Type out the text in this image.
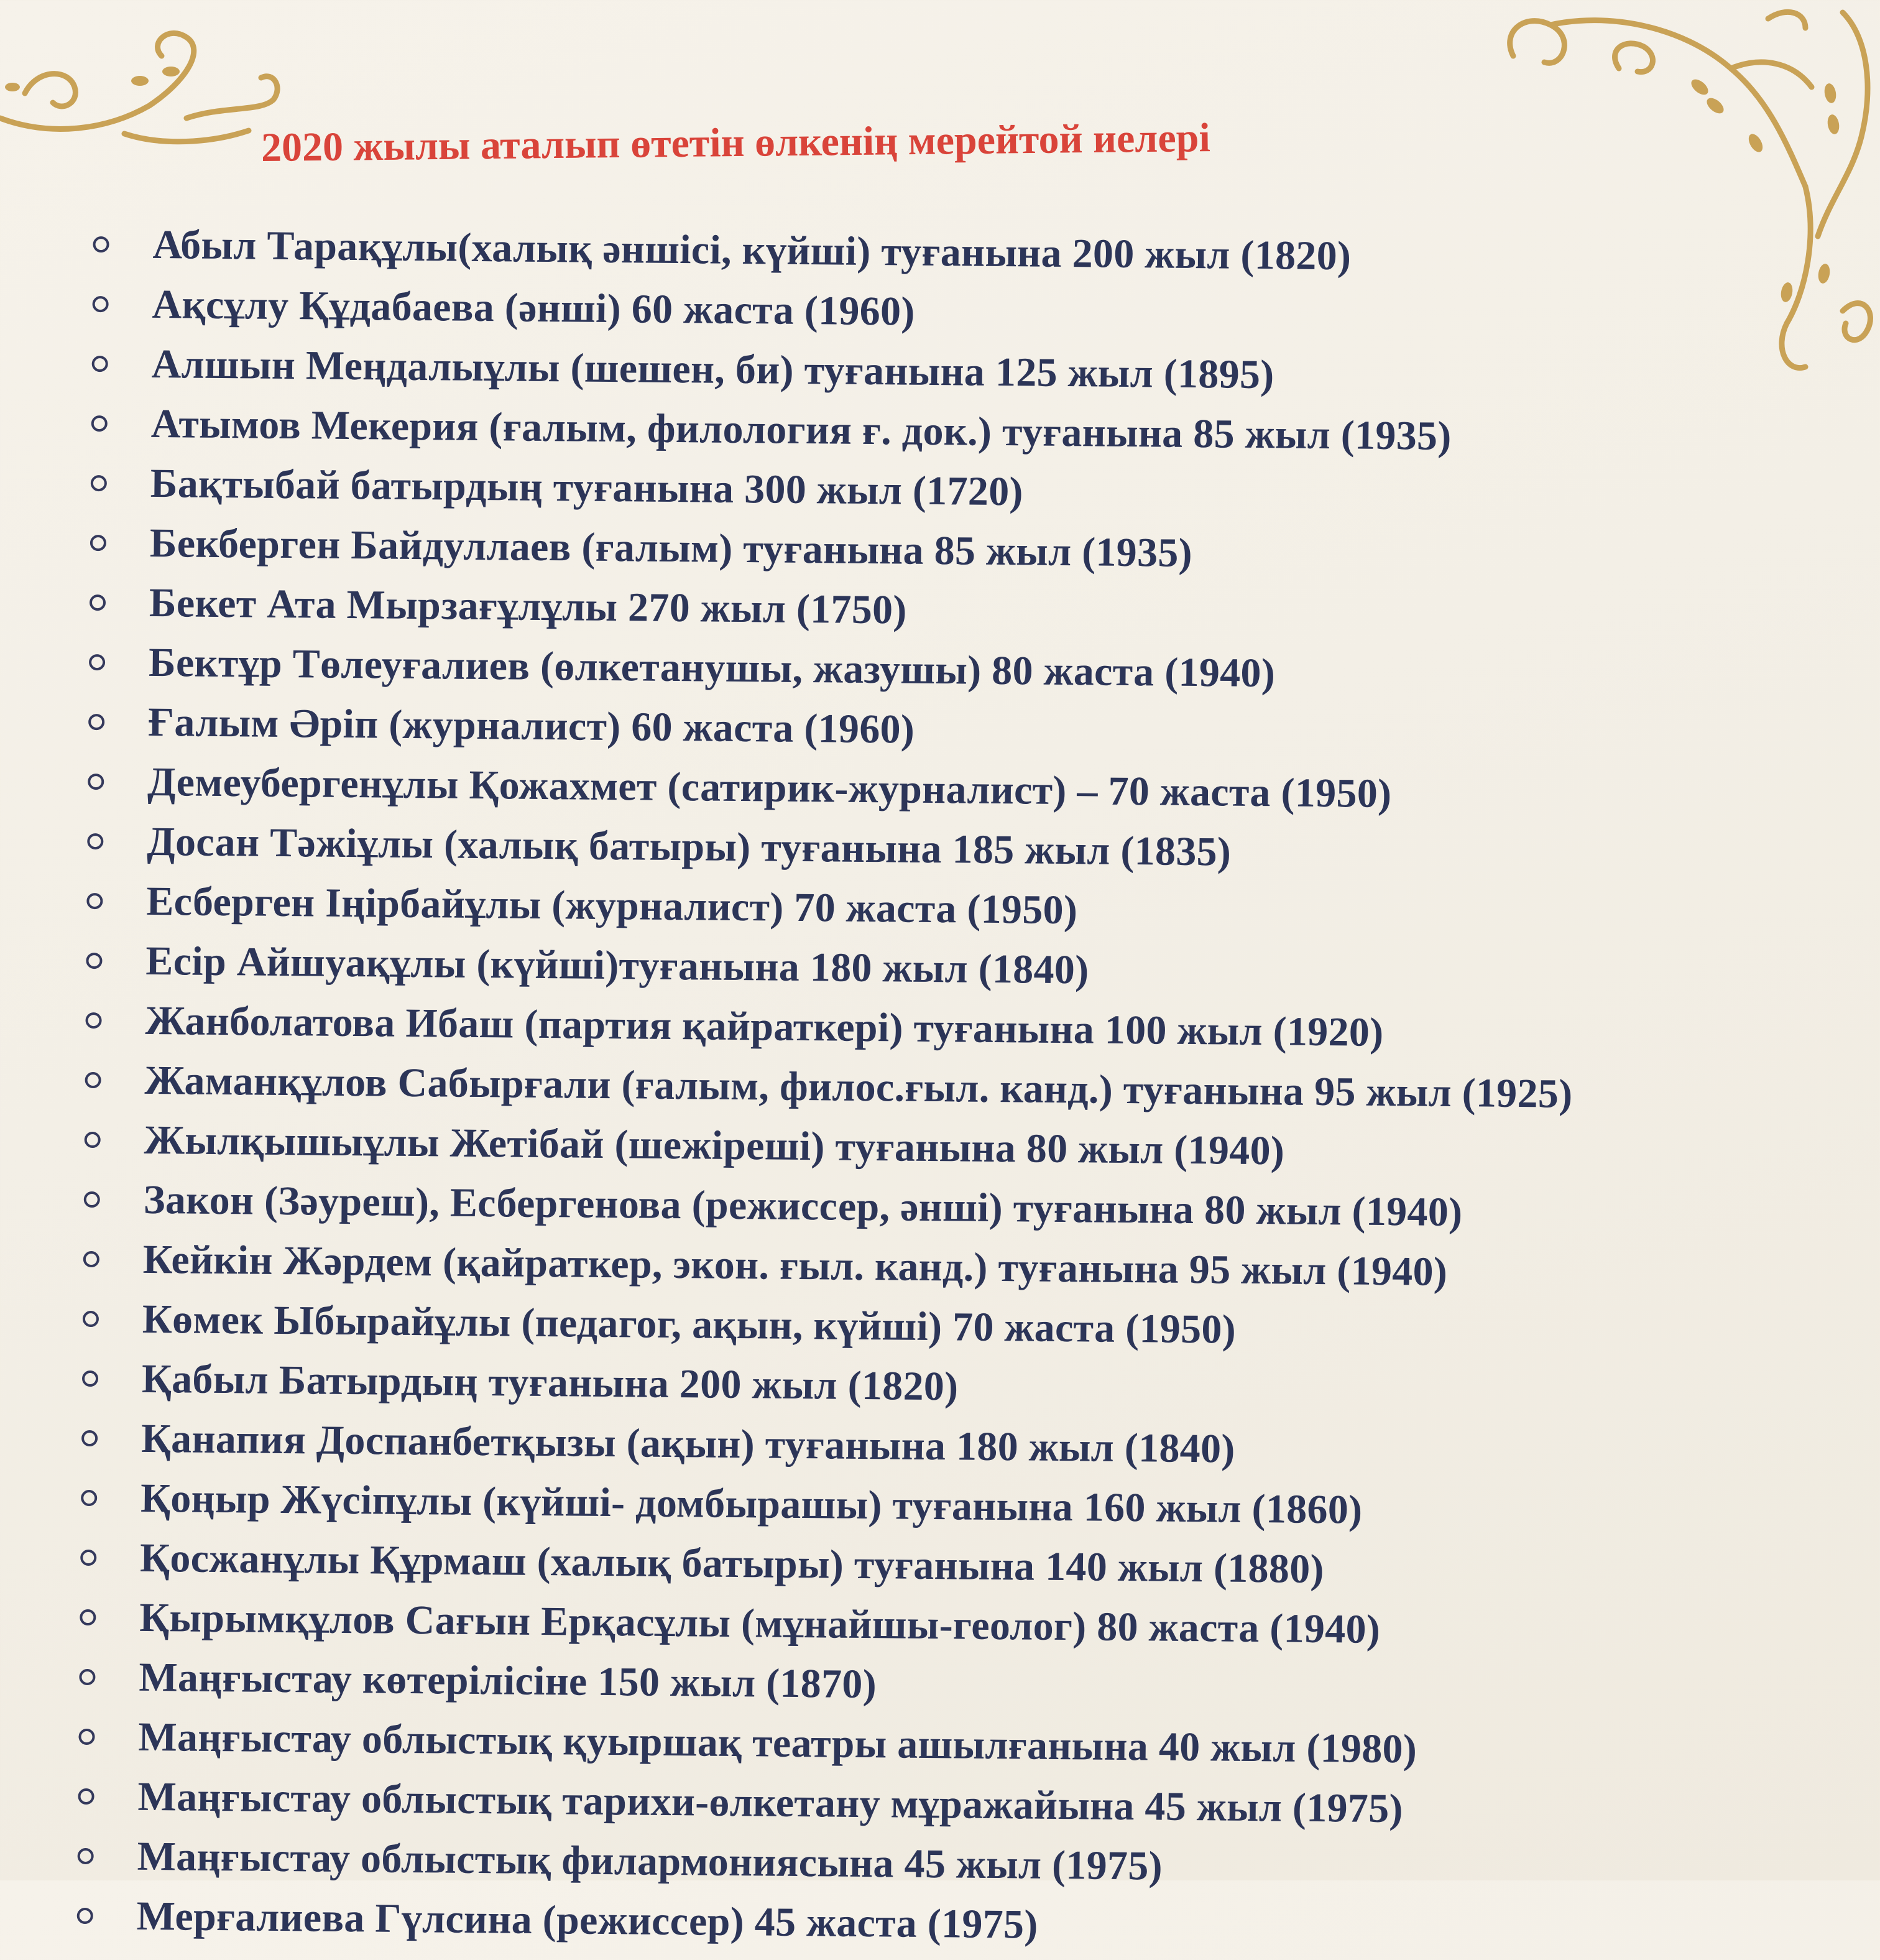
2020 жылы аталып өтетін өлкенің мерейтой иелері
Абыл Тарақұлы(халық әншісі, күйші) туғанына 200 жыл (1820)
Ақсұлу Құдабаева (әнші) 60 жаста (1960)
Алшын Меңдалыұлы (шешен, би) туғанына 125 жыл (1895)
Атымов Мекерия (ғалым, филология ғ. док.) туғанына 85 жыл (1935)
Бақтыбай батырдың туғанына 300 жыл (1720)
Бекберген Байдуллаев (ғалым) туғанына 85 жыл (1935)
Бекет Ата Мырзағұлұлы 270 жыл (1750)
Бектұр Төлеуғалиев (өлкетанушы, жазушы) 80 жаста (1940)
Ғалым Әріп (журналист) 60 жаста (1960)
Демеубергенұлы Қожахмет (сатирик-журналист) – 70 жаста (1950)
Досан Тәжіұлы (халық батыры) туғанына 185 жыл (1835)
Есберген Іңірбайұлы (журналист) 70 жаста (1950)
Есір Айшуақұлы (күйші)туғанына 180 жыл (1840)
Жанболатова Ибаш (партия қайраткері) туғанына 100 жыл (1920)
Жаманқұлов Сабырғали (ғалым, филос.ғыл. канд.) туғанына 95 жыл (1925)
Жылқышыұлы Жетібай (шежіреші) туғанына 80 жыл (1940)
Закон (Зәуреш), Есбергенова (режиссер, әнші) туғанына 80 жыл (1940)
Кейкін Жәрдем (қайраткер, экон. ғыл. канд.) туғанына 95 жыл (1940)
Көмек Ыбырайұлы (педагог, ақын, күйші) 70 жаста (1950)
Қабыл Батырдың туғанына 200 жыл (1820)
Қанапия Доспанбетқызы (ақын) туғанына 180 жыл (1840)
Қоңыр Жүсіпұлы (күйші- домбырашы) туғанына 160 жыл (1860)
Қосжанұлы Құрмаш (халық батыры) туғанына 140 жыл (1880)
Қырымқұлов Сағын Ерқасұлы (мұнайшы-геолог) 80 жаста (1940)
Маңғыстау көтерілісіне 150 жыл (1870)
Маңғыстау облыстық қуыршақ театры ашылғанына 40 жыл (1980)
Маңғыстау облыстық тарихи-өлкетану мұражайына 45 жыл (1975)
Маңғыстау облыстық филармониясына 45 жыл (1975)
Мерғалиева Гүлсина (режиссер) 45 жаста (1975)
